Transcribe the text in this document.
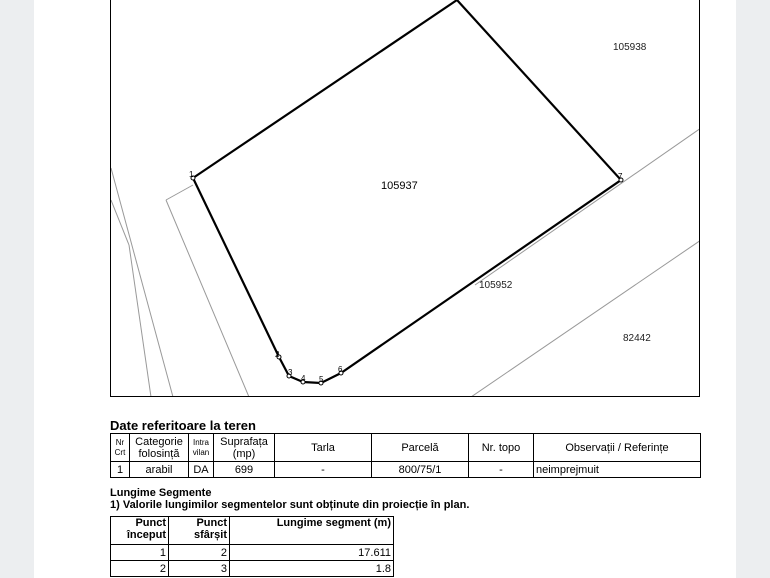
105937
105938
105952
82442
1
2
3
4 5
6
7
Date referitoare la teren
Nr
Crt	Categorie folosință	Intra vilan	Suprafața (mp)	Tarla	Parcelă	Nr. topo	Observații / Referințe
1	arabil	DA	699	-	800/75/1	-	neimprejmuit
Lungime Segmente
1) Valorile lungimilor segmentelor sunt obținute din proiecție în plan.
Punct început	Punct sfârșit	Lungime segment (m)
1	2	17.611
2	3	1.8
